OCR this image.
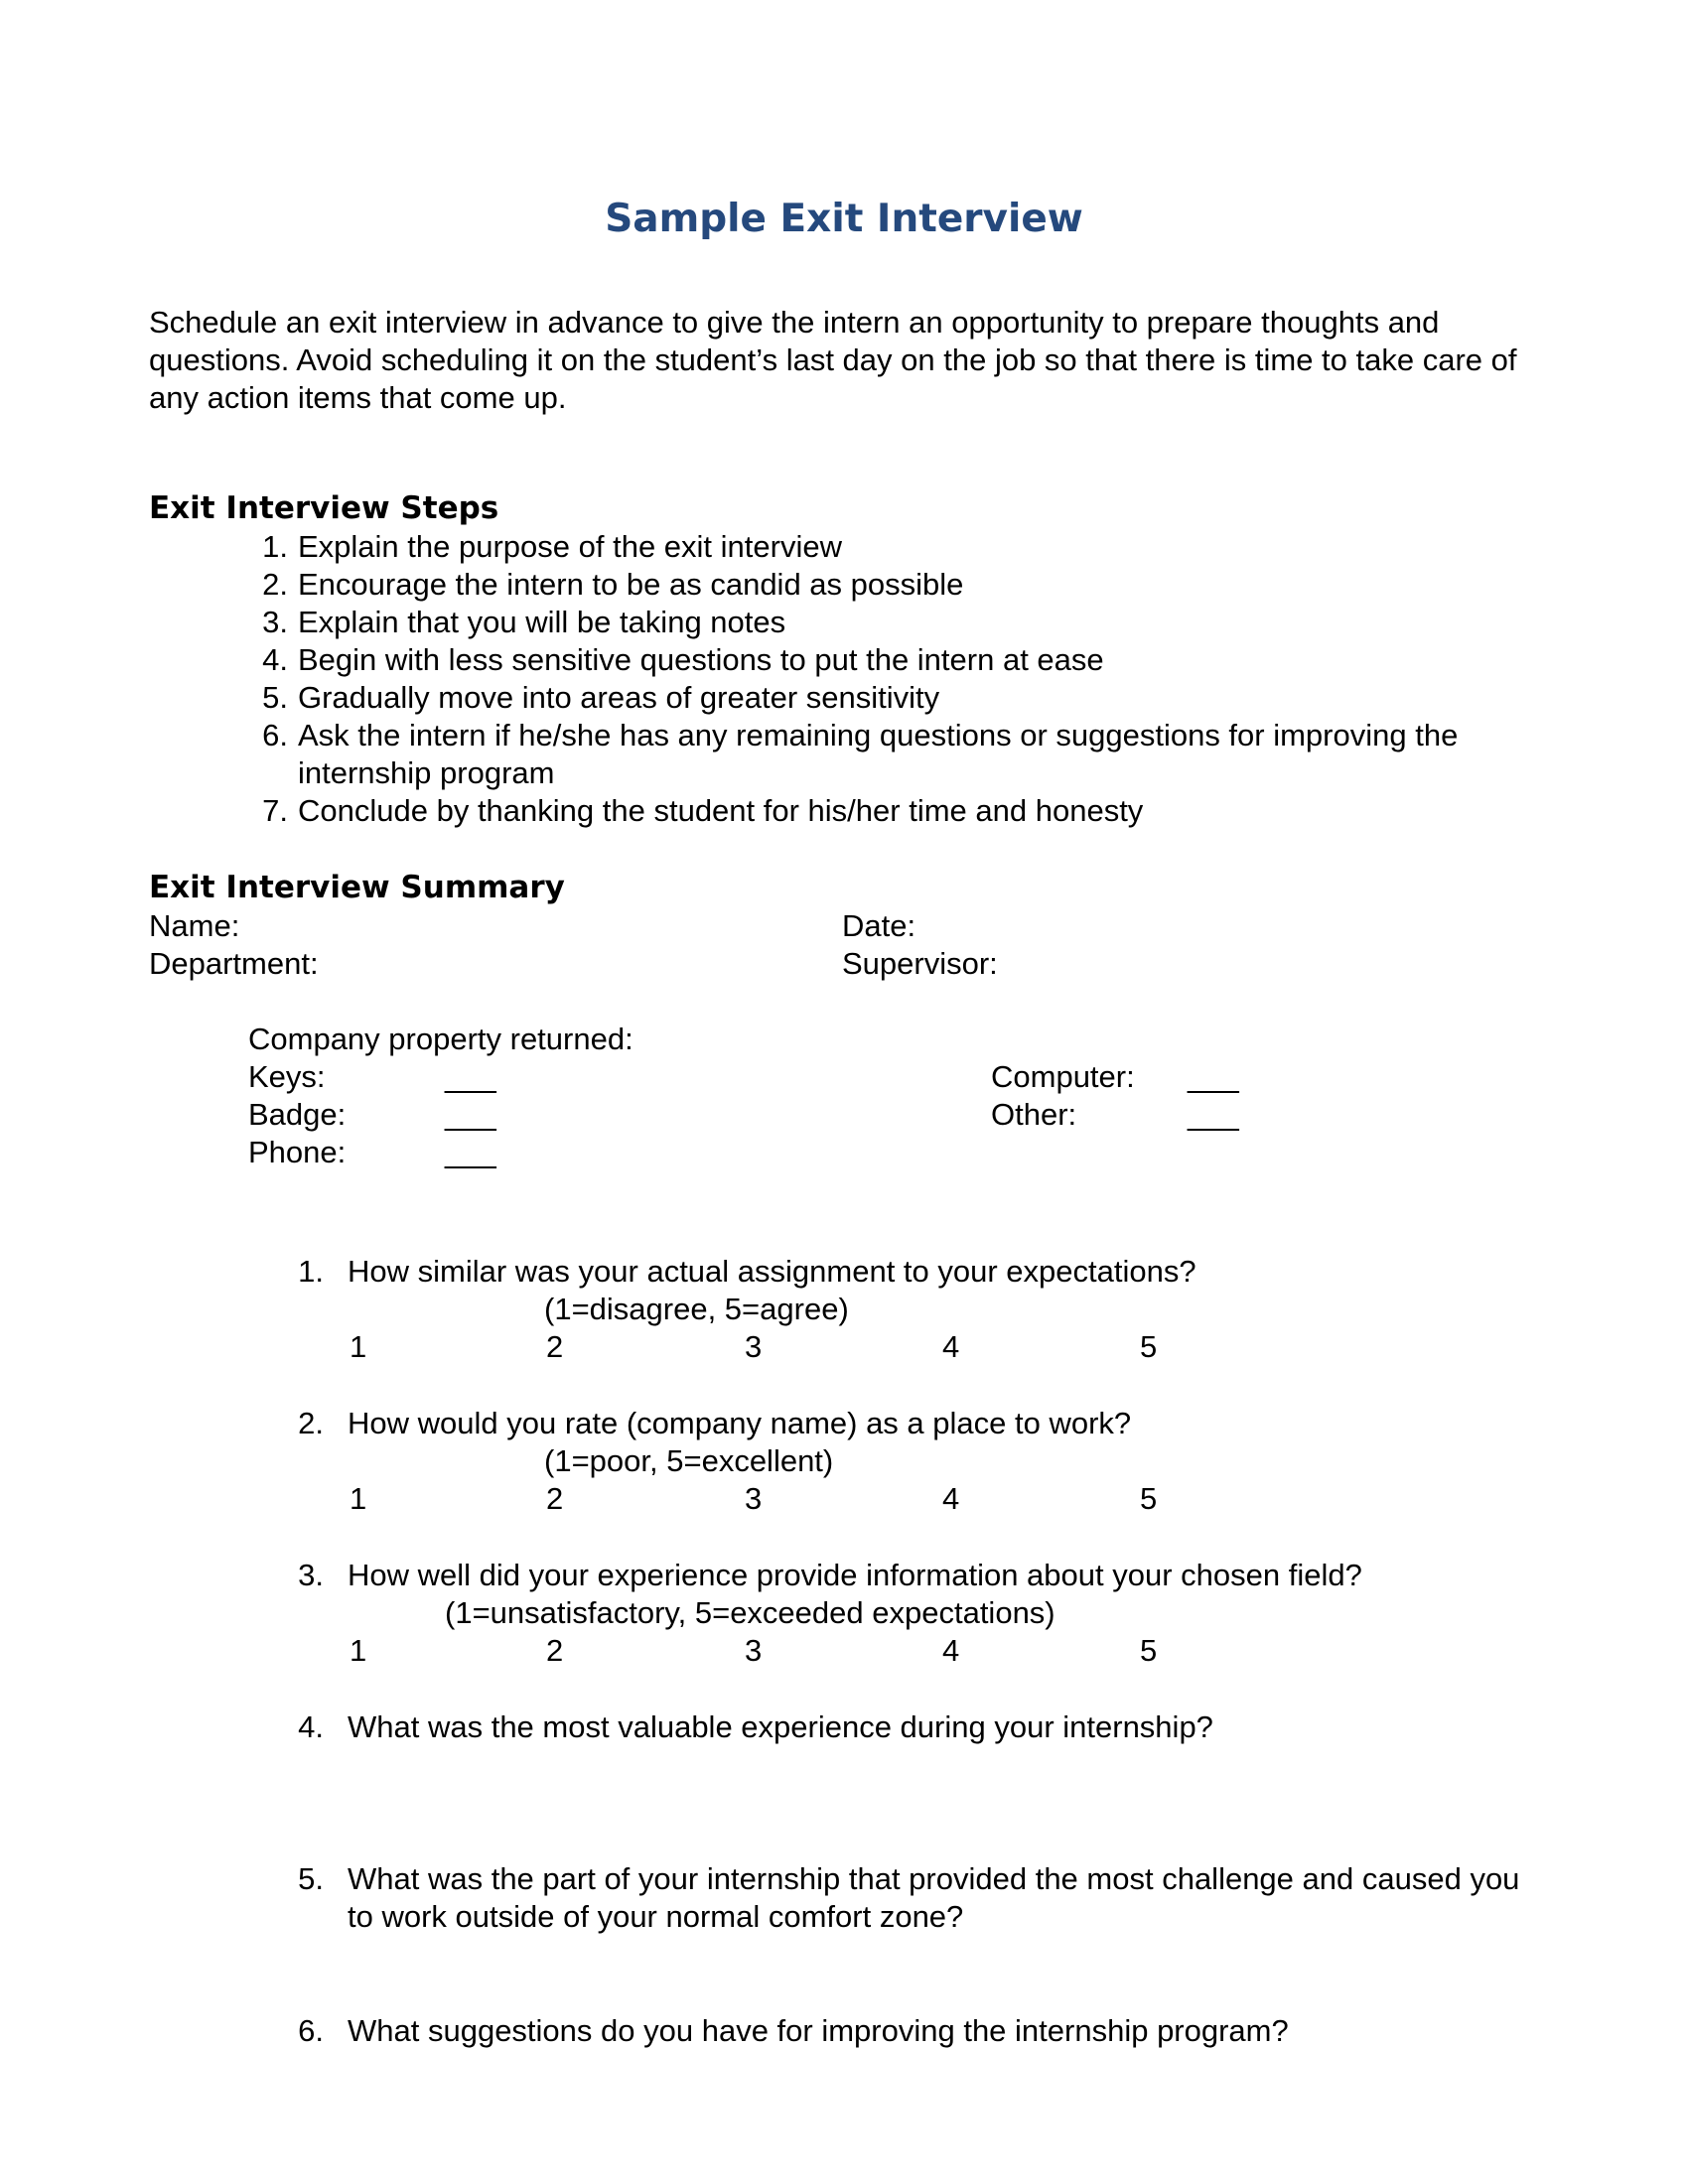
Sample Exit Interview
Schedule an exit interview in advance to give the intern an opportunity to prepare thoughts and questions. Avoid scheduling it on the student’s last day on the job so that there is time to take care of any action items that come up.
Exit Interview Steps
1. Explain the purpose of the exit interview
2. Encourage the intern to be as candid as possible
3. Explain that you will be taking notes
4. Begin with less sensitive questions to put the intern at ease
5. Gradually move into areas of greater sensitivity
6. Ask the intern if he/she has any remaining questions or suggestions for improving the
internship program
7. Conclude by thanking the student for his/her time and honesty
Exit Interview Summary
Name:	Date:
Department:	Supervisor:
Company property returned:
Keys:	___	Computer: ___
Badge:	___	Other:	___
Phone:	___
1. How similar was your actual assignment to your expectations?
(1=disagree, 5=agree)
1	2	3	4	5
2. How would you rate (company name) as a place to work?
(1=poor, 5=excellent)
1	2	3	4	5
3. How well did your experience provide information about your chosen field?
(1=unsatisfactory, 5=exceeded expectations)
1	2	3	4	5
4. What was the most valuable experience during your internship?
5. What was the part of your internship that provided the most challenge and caused you
to work outside of your normal comfort zone?
6. What suggestions do you have for improving the internship program?
